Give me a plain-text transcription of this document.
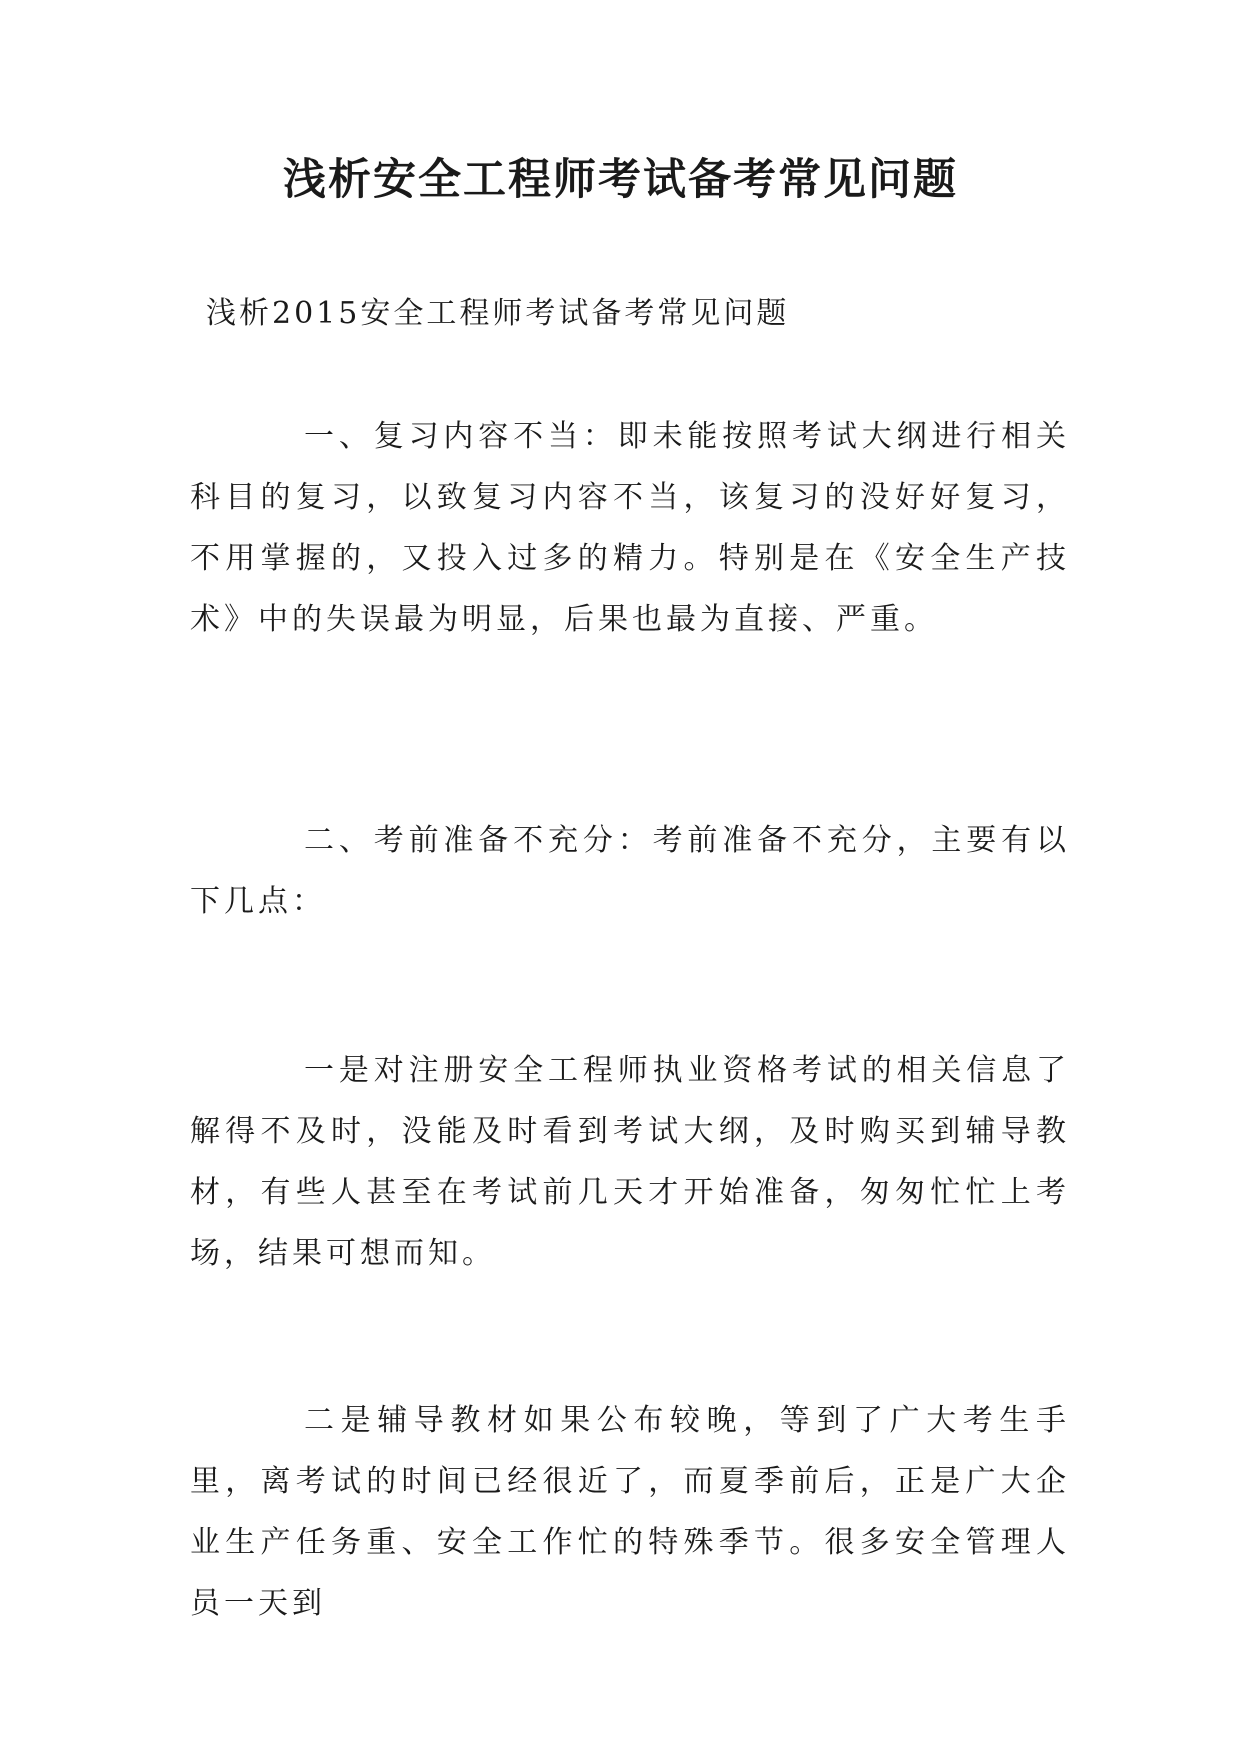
浅析安全工程师考试备考常见问题

浅析2015安全工程师考试备考常见问题

一、复习内容不当：即未能按照考试大纲进行相关科目的复习，以致复习内容不当，该复习的没好好复习，不用掌握的，又投入过多的精力。特别是在《安全生产技术》中的失误最为明显，后果也最为直接、严重。

二、考前准备不充分：考前准备不充分，主要有以下几点：

一是对注册安全工程师执业资格考试的相关信息了解得不及时，没能及时看到考试大纲，及时购买到辅导教材，有些人甚至在考试前几天才开始准备，匆匆忙忙上考场，结果可想而知。

二是辅导教材如果公布较晚，等到了广大考生手里，离考试的时间已经很近了，而夏季前后，正是广大企业生产任务重、安全工作忙的特殊季节。很多安全管理人员一天到
